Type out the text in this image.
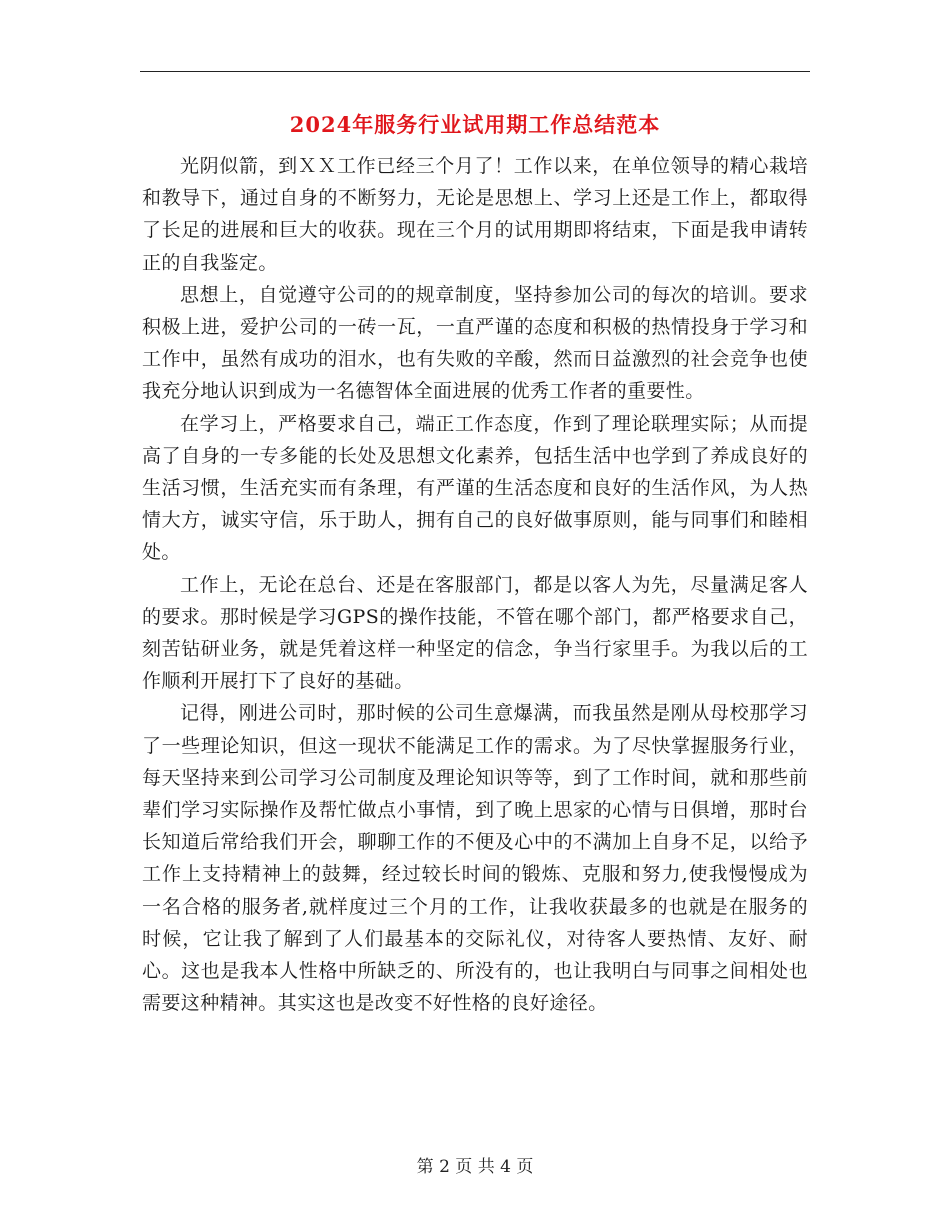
2024年服务行业试用期工作总结范本

光阴似箭，到ＸＸ工作已经三个月了！工作以来，在单位领导的精心栽培和教导下，通过自身的不断努力，无论是思想上、学习上还是工作上，都取得了长足的进展和巨大的收获。现在三个月的试用期即将结束，下面是我申请转正的自我鉴定。

思想上，自觉遵守公司的的规章制度，坚持参加公司的每次的培训。要求积极上进，爱护公司的一砖一瓦，一直严谨的态度和积极的热情投身于学习和工作中，虽然有成功的泪水，也有失败的辛酸，然而日益激烈的社会竞争也使我充分地认识到成为一名德智体全面进展的优秀工作者的重要性。

在学习上，严格要求自己，端正工作态度，作到了理论联理实际；从而提高了自身的一专多能的长处及思想文化素养，包括生活中也学到了养成良好的生活习惯，生活充实而有条理，有严谨的生活态度和良好的生活作风，为人热情大方，诚实守信，乐于助人，拥有自己的良好做事原则，能与同事们和睦相处。

工作上，无论在总台、还是在客服部门，都是以客人为先，尽量满足客人的要求。那时候是学习GPS的操作技能，不管在哪个部门，都严格要求自己，刻苦钻研业务，就是凭着这样一种坚定的信念，争当行家里手。为我以后的工作顺利开展打下了良好的基础。

记得，刚进公司时，那时候的公司生意爆满，而我虽然是刚从母校那学习了一些理论知识，但这一现状不能满足工作的需求。为了尽快掌握服务行业，每天坚持来到公司学习公司制度及理论知识等等，到了工作时间，就和那些前辈们学习实际操作及帮忙做点小事情，到了晚上思家的心情与日俱增，那时台长知道后常给我们开会，聊聊工作的不便及心中的不满加上自身不足，以给予工作上支持精神上的鼓舞，经过较长时间的锻炼、克服和努力,使我慢慢成为一名合格的服务者,就样度过三个月的工作，让我收获最多的也就是在服务的时候，它让我了解到了人们最基本的交际礼仪，对待客人要热情、友好、耐心。这也是我本人性格中所缺乏的、所没有的，也让我明白与同事之间相处也需要这种精神。其实这也是改变不好性格的良好途径。

第 2 页 共 4 页
